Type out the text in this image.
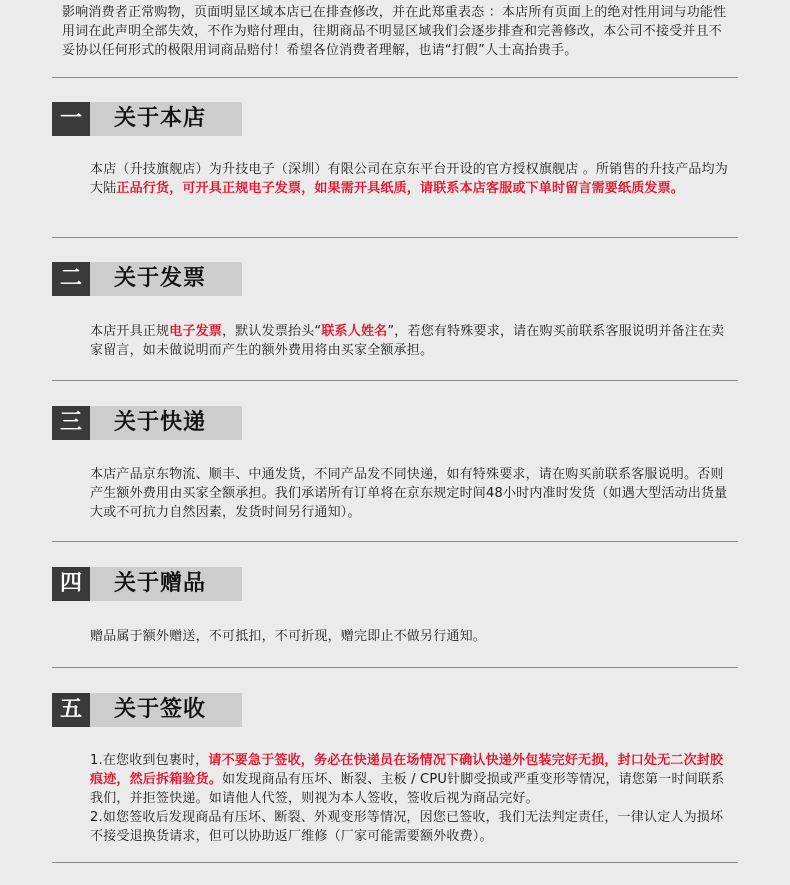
影响消费者正常购物，页面明显区域本店已在排查修改，并在此郑重表态 ：本店所有页面上的绝对性用词与功能性用词在此声明全部失效，不作为赔付理由，往期商品不明显区域我们会逐步排查和完善修改，本公司不接受并且不妥协以任何形式的极限用词商品赔付！希望各位消费者理解，也请“打假”人士高抬贵手。
一	关于本店
本店（升技旗舰店）为升技电子（深圳）有限公司在京东平台开设的官方授权旗舰店 。所销售的升技产品均为大陆正品行货，可开具正规电子发票，如果需开具纸质，请联系本店客服或下单时留言需要纸质发票。
二	关于发票
本店开具正规电子发票，默认发票抬头“联系人姓名”，若您有特殊要求，请在购买前联系客服说明并备注在卖家留言，如未做说明而产生的额外费用将由买家全额承担。
三	关于快递
本店产品京东物流、顺丰、中通发货，不同产品发不同快递，如有特殊要求，请在购买前联系客服说明。否则产生额外费用由买家全额承担。我们承诺所有订单将在京东规定时间48小时内准时发货（如遇大型活动出货量大或不可抗力自然因素，发货时间另行通知）。
四	关于赠品
赠品属于额外赠送，不可抵扣，不可折现，赠完即止不做另行通知。
五	关于签收
1.在您收到包裹时，请不要急于签收，务必在快递员在场情况下确认快递外包装完好无损，封口处无二次封胶痕迹，然后拆箱验货。如发现商品有压坏、断裂、主板 / CPU针脚受损或严重变形等情况，请您第一时间联系我们，并拒签快递。如请他人代签，则视为本人签收，签收后视为商品完好。
2.如您签收后发现商品有压坏、断裂、外观变形等情况，因您已签收，我们无法判定责任，一律认定人为损坏不接受退换货请求，但可以协助返厂维修（厂家可能需要额外收费）。
